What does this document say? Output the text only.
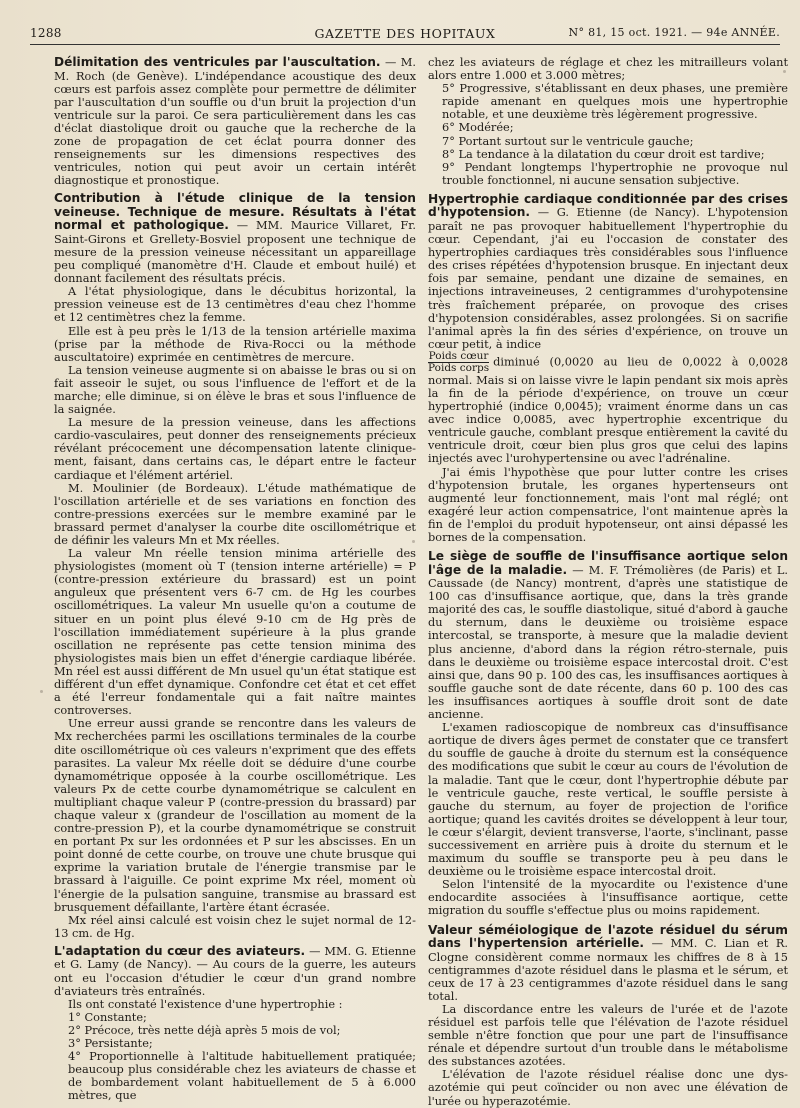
1288	GAZETTE DES HOPITAUX	N° 81, 15 oct. 1921. — 94e ANNÉE.

Délimitation des ventricules par l'auscultation. — M. M. Roch (de Genève). L'indépendance acoustique des deux cœurs est parfois assez complète pour permettre de délimiter par l'auscultation d'un souffle ou d'un bruit la projection d'un ventricule sur la paroi. Ce sera particulièrement dans les cas d'éclat diastolique droit ou gauche que la recherche de la zone de propagation de cet éclat pourra donner des renseignements sur les dimensions respectives des ventricules, notion qui peut avoir un certain intérêt diagnostique et pronostique.

Contribution à l'étude clinique de la tension veineuse. Technique de mesure. Résultats à l'état normal et pathologique. — MM. Maurice Villaret, Fr. Saint-Girons et Grellety-Bosviel proposent une technique de mesure de la pression veineuse nécessitant un appareillage peu compliqué (manomètre d'H. Claude et embout huilé) et donnant facilement des résultats précis.

A l'état physiologique, dans le décubitus horizontal, la pression veineuse est de 13 centimètres d'eau chez l'homme et 12 centimètres chez la femme.

Elle est à peu près le 1/13 de la tension artérielle maxima (prise par la méthode de Riva-Rocci ou la méthode auscultatoire) exprimée en centimètres de mercure.

La tension veineuse augmente si on abaisse le bras ou si on fait asseoir le sujet, ou sous l'influence de l'effort et de la marche; elle diminue, si on élève le bras et sous l'influence de la saignée.

La mesure de la pression veineuse, dans les affections cardio-vasculaires, peut donner des renseignements précieux révélant précocement une décompensation latente clinique-ment, faisant, dans certains cas, le départ entre le facteur cardiaque et l'élément artériel.

M. Moulinier (de Bordeaux). L'étude mathématique de l'oscillation artérielle et de ses variations en fonction des contre-pressions exercées sur le membre examiné par le brassard permet d'analyser la courbe dite oscillométrique et de définir les valeurs Mn et Mx réelles.

La valeur Mn réelle tension minima artérielle des physiologistes (moment où T (tension interne artérielle) = P (contre-pression extérieure du brassard) est un point anguleux que présentent vers 6-7 cm. de Hg les courbes oscillométriques. La valeur Mn usuelle qu'on a coutume de situer en un point plus élevé 9-10 cm de Hg près de l'oscillation immédiatement supérieure à la plus grande oscillation ne représente pas cette tension minima des physiologistes mais bien un effet d'énergie cardiaque libérée. Mn réel est aussi différent de Mn usuel qu'un état statique est différent d'un effet dynamique. Confondre cet état et cet effet a été l'erreur fondamentale qui a fait naître maintes controverses.

Une erreur aussi grande se rencontre dans les valeurs de Mx recherchées parmi les oscillations terminales de la courbe dite oscillométrique où ces valeurs n'expriment que des effets parasites. La valeur Mx réelle doit se déduire d'une courbe dynamométrique opposée à la courbe oscillométrique. Les valeurs Px de cette courbe dynamométrique se calculent en multipliant chaque valeur P (contre-pression du brassard) par chaque valeur x (grandeur de l'oscillation au moment de la contre-pression P), et la courbe dynamométrique se construit en portant Px sur les ordonnées et P sur les abscisses. En un point donné de cette courbe, on trouve une chute brusque qui exprime la variation brutale de l'énergie transmise par le brassard à l'aiguille. Ce point exprime Mx réel, moment où l'énergie de la pulsation sanguine, transmise au brassard est brusquement défaillante, l'artère étant écrasée.

Mx réel ainsi calculé est voisin chez le sujet normal de 12-13 cm. de Hg.

L'adaptation du cœur des aviateurs. — MM. G. Etienne et G. Lamy (de Nancy). — Au cours de la guerre, les auteurs ont eu l'occasion d'étudier le cœur d'un grand nombre d'aviateurs très entraînés.

Ils ont constaté l'existence d'une hypertrophie :

1° Constante;
2° Précoce, très nette déjà après 5 mois de vol;
3° Persistante;
4° Proportionnelle à l'altitude habituellement pratiquée; beaucoup plus considérable chez les aviateurs de chasse et de bombardement volant habituellement de 5 à 6.000 mètres, que

chez les aviateurs de réglage et chez les mitrailleurs volant alors entre 1.000 et 3.000 mètres;

5° Progressive, s'établissant en deux phases, une première rapide amenant en quelques mois une hypertrophie notable, et une deuxième très légèrement progressive.
6° Modérée;
7° Portant surtout sur le ventricule gauche;
8° La tendance à la dilatation du cœur droit est tardive;
9° Pendant longtemps l'hypertrophie ne provoque nul trouble fonctionnel, ni aucune sensation subjective.

Hypertrophie cardiaque conditionnée par des crises d'hypotension. — G. Etienne (de Nancy). L'hypotension paraît ne pas provoquer habituellement l'hypertrophie du cœur. Cependant, j'ai eu l'occasion de constater des hypertrophies cardiaques très considérables sous l'influence des crises répétées d'hypotension brusque. En injectant deux fois par semaine, pendant une dizaine de semaines, en injections intraveineuses, 2 centigrammes d'urohypotensine très fraîchement préparée, on provoque des crises d'hypotension considérables, assez prolongées. Si on sacrifie l'animal après la fin des séries d'expérience, on trouve un cœur petit, à indice

$\frac{\text{Poids cœur}}{\text{Poids corps}}$ diminué (0,0020 au lieu de 0,0022 à 0,0028 normal. Mais si on laisse vivre le lapin pendant six mois après la fin de la période d'expérience, on trouve un cœur hypertrophié (indice 0,0045); vraiment énorme dans un cas avec indice 0,0085, avec hypertrophie excentrique du ventricule gauche, comblant presque entièrement la cavité du ventricule droit, cœur bien plus gros que celui des lapins injectés avec l'urohypertensine ou avec l'adrénaline.

J'ai émis l'hypothèse que pour lutter contre les crises d'hypotension brutale, les organes hypertenseurs ont augmenté leur fonctionnement, mais l'ont mal réglé; ont exagéré leur action compensatrice, l'ont maintenue après la fin de l'emploi du produit hypotenseur, ont ainsi dépassé les bornes de la compensation.

Le siège de souffle de l'insuffisance aortique selon l'âge de la maladie. — M. F. Trémolières (de Paris) et L. Caussade (de Nancy) montrent, d'après une statistique de 100 cas d'insuffisance aortique, que, dans la très grande majorité des cas, le souffle diastolique, situé d'abord à gauche du sternum, dans le deuxième ou troisième espace intercostal, se transporte, à mesure que la maladie devient plus ancienne, d'abord dans la région rétro-sternale, puis dans le deuxième ou troisième espace intercostal droit. C'est ainsi que, dans 90 p. 100 des cas, les insuffisances aortiques à souffle gauche sont de date récente, dans 60 p. 100 des cas les insuffisances aortiques à souffle droit sont de date ancienne.

L'examen radioscopique de nombreux cas d'insuffisance aortique de divers âges permet de constater que ce transfert du souffle de gauche à droite du sternum est la conséquence des modifications que subit le cœur au cours de l'évolution de la maladie. Tant que le cœur, dont l'hypertrophie débute par le ventricule gauche, reste vertical, le souffle persiste à gauche du sternum, au foyer de projection de l'orifice aortique; quand les cavités droites se développent à leur tour, le cœur s'élargit, devient transverse, l'aorte, s'inclinant, passe successivement en arrière puis à droite du sternum et le maximum du souffle se transporte peu à peu dans le deuxième ou le troisième espace intercostal droit.

Selon l'intensité de la myocardite ou l'existence d'une endocardite associées à l'insuffisance aortique, cette migration du souffle s'effectue plus ou moins rapidement.

Valeur séméiologique de l'azote résiduel du sérum dans l'hypertension artérielle. — MM. C. Lian et R. Clogne considèrent comme normaux les chiffres de 8 à 15 centigrammes d'azote résiduel dans le plasma et le sérum, et ceux de 17 à 23 centigrammes d'azote résiduel dans le sang total.

La discordance entre les valeurs de l'urée et de l'azote résiduel est parfois telle que l'élévation de l'azote résiduel semble n'être fonction que pour une part de l'insuffisance rénale et dépendre surtout d'un trouble dans le métabolisme des substances azotées.

L'élévation de l'azote résiduel réalise donc une dys-azotémie qui peut coïncider ou non avec une élévation de l'urée ou hyperazotémie.
